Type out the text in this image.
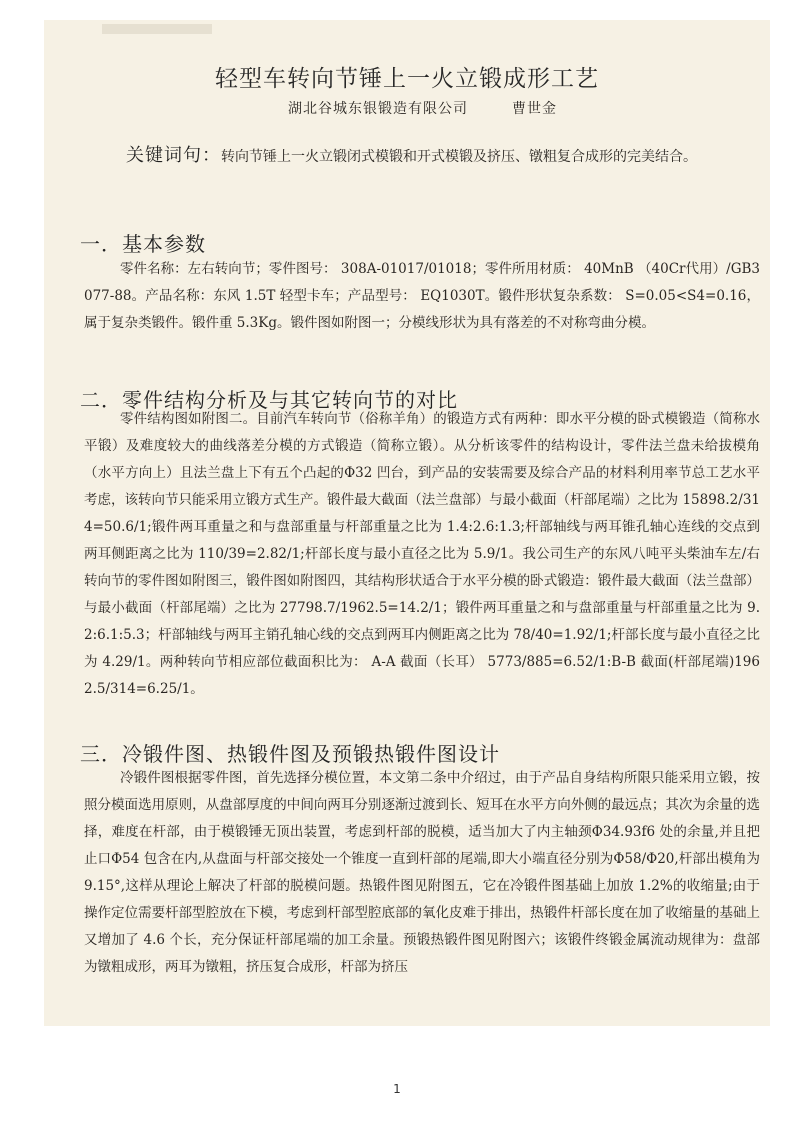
轻型车转向节锤上一火立锻成形工艺
湖北谷城东银锻造有限公司	曹世金

关键词句：转向节锤上一火立锻闭式模锻和开式模锻及挤压、镦粗复合成形的完美结合。

一．基本参数

零件名称：左右转向节；零件图号： 308A-01017/01018；零件所用材质： 40MnB （40Cr代用）/GB3077-88。产品名称：东风 1.5T 轻型卡车；产品型号： EQ1030T。锻件形状复杂系数： S=0.05<S4=0.16，属于复杂类锻件。锻件重 5.3Kg。锻件图如附图一；分模线形状为具有落差的不对称弯曲分模。

二．零件结构分析及与其它转向节的对比

零件结构图如附图二。目前汽车转向节（俗称羊角）的锻造方式有两种：即水平分模的卧式模锻造（简称水平锻）及难度较大的曲线落差分模的方式锻造（简称立锻）。从分析该零件的结构设计，零件法兰盘未给拔模角（水平方向上）且法兰盘上下有五个凸起的Φ32 凹台，到产品的安装需要及综合产品的材料利用率节总工艺水平考虑，该转向节只能采用立锻方式生产。锻件最大截面（法兰盘部）与最小截面（杆部尾端）之比为 15898.2/314=50.6/1;锻件两耳重量之和与盘部重量与杆部重量之比为 1.4:2.6:1.3;杆部轴线与两耳锥孔轴心连线的交点到两耳侧距离之比为 110/39=2.82/1;杆部长度与最小直径之比为 5.9/1。我公司生产的东风八吨平头柴油车左/右转向节的零件图如附图三，锻件图如附图四，其结构形状适合于水平分模的卧式锻造：锻件最大截面（法兰盘部）与最小截面（杆部尾端）之比为 27798.7/1962.5=14.2/1；锻件两耳重量之和与盘部重量与杆部重量之比为 9.2:6.1:5.3；杆部轴线与两耳主销孔轴心线的交点到两耳内侧距离之比为 78/40=1.92/1;杆部长度与最小直径之比为 4.29/1。两种转向节相应部位截面积比为： A-A 截面（长耳） 5773/885=6.52/1:B-B 截面(杆部尾端)1962.5/314=6.25/1。

三．冷锻件图、热锻件图及预锻热锻件图设计

冷锻件图根据零件图，首先选择分模位置，本文第二条中介绍过，由于产品自身结构所限只能采用立锻，按照分模面选用原则，从盘部厚度的中间向两耳分别逐渐过渡到长、短耳在水平方向外侧的最远点；其次为余量的选择，难度在杆部，由于模锻锤无顶出装置，考虑到杆部的脱模，适当加大了内主轴颈Φ34.93f6 处的余量,并且把止口Φ54 包含在内,从盘面与杆部交接处一个锥度一直到杆部的尾端,即大小端直径分别为Φ58/Φ20,杆部出模角为 9.15°,这样从理论上解决了杆部的脱模问题。热锻件图见附图五，它在冷锻件图基础上加放 1.2%的收缩量;由于操作定位需要杆部型腔放在下模，考虑到杆部型腔底部的氧化皮难于排出，热锻件杆部长度在加了收缩量的基础上又增加了 4.6 个长，充分保证杆部尾端的加工余量。预锻热锻件图见附图六；该锻件终锻金属流动规律为：盘部为镦粗成形，两耳为镦粗，挤压复合成形，杆部为挤压

1
